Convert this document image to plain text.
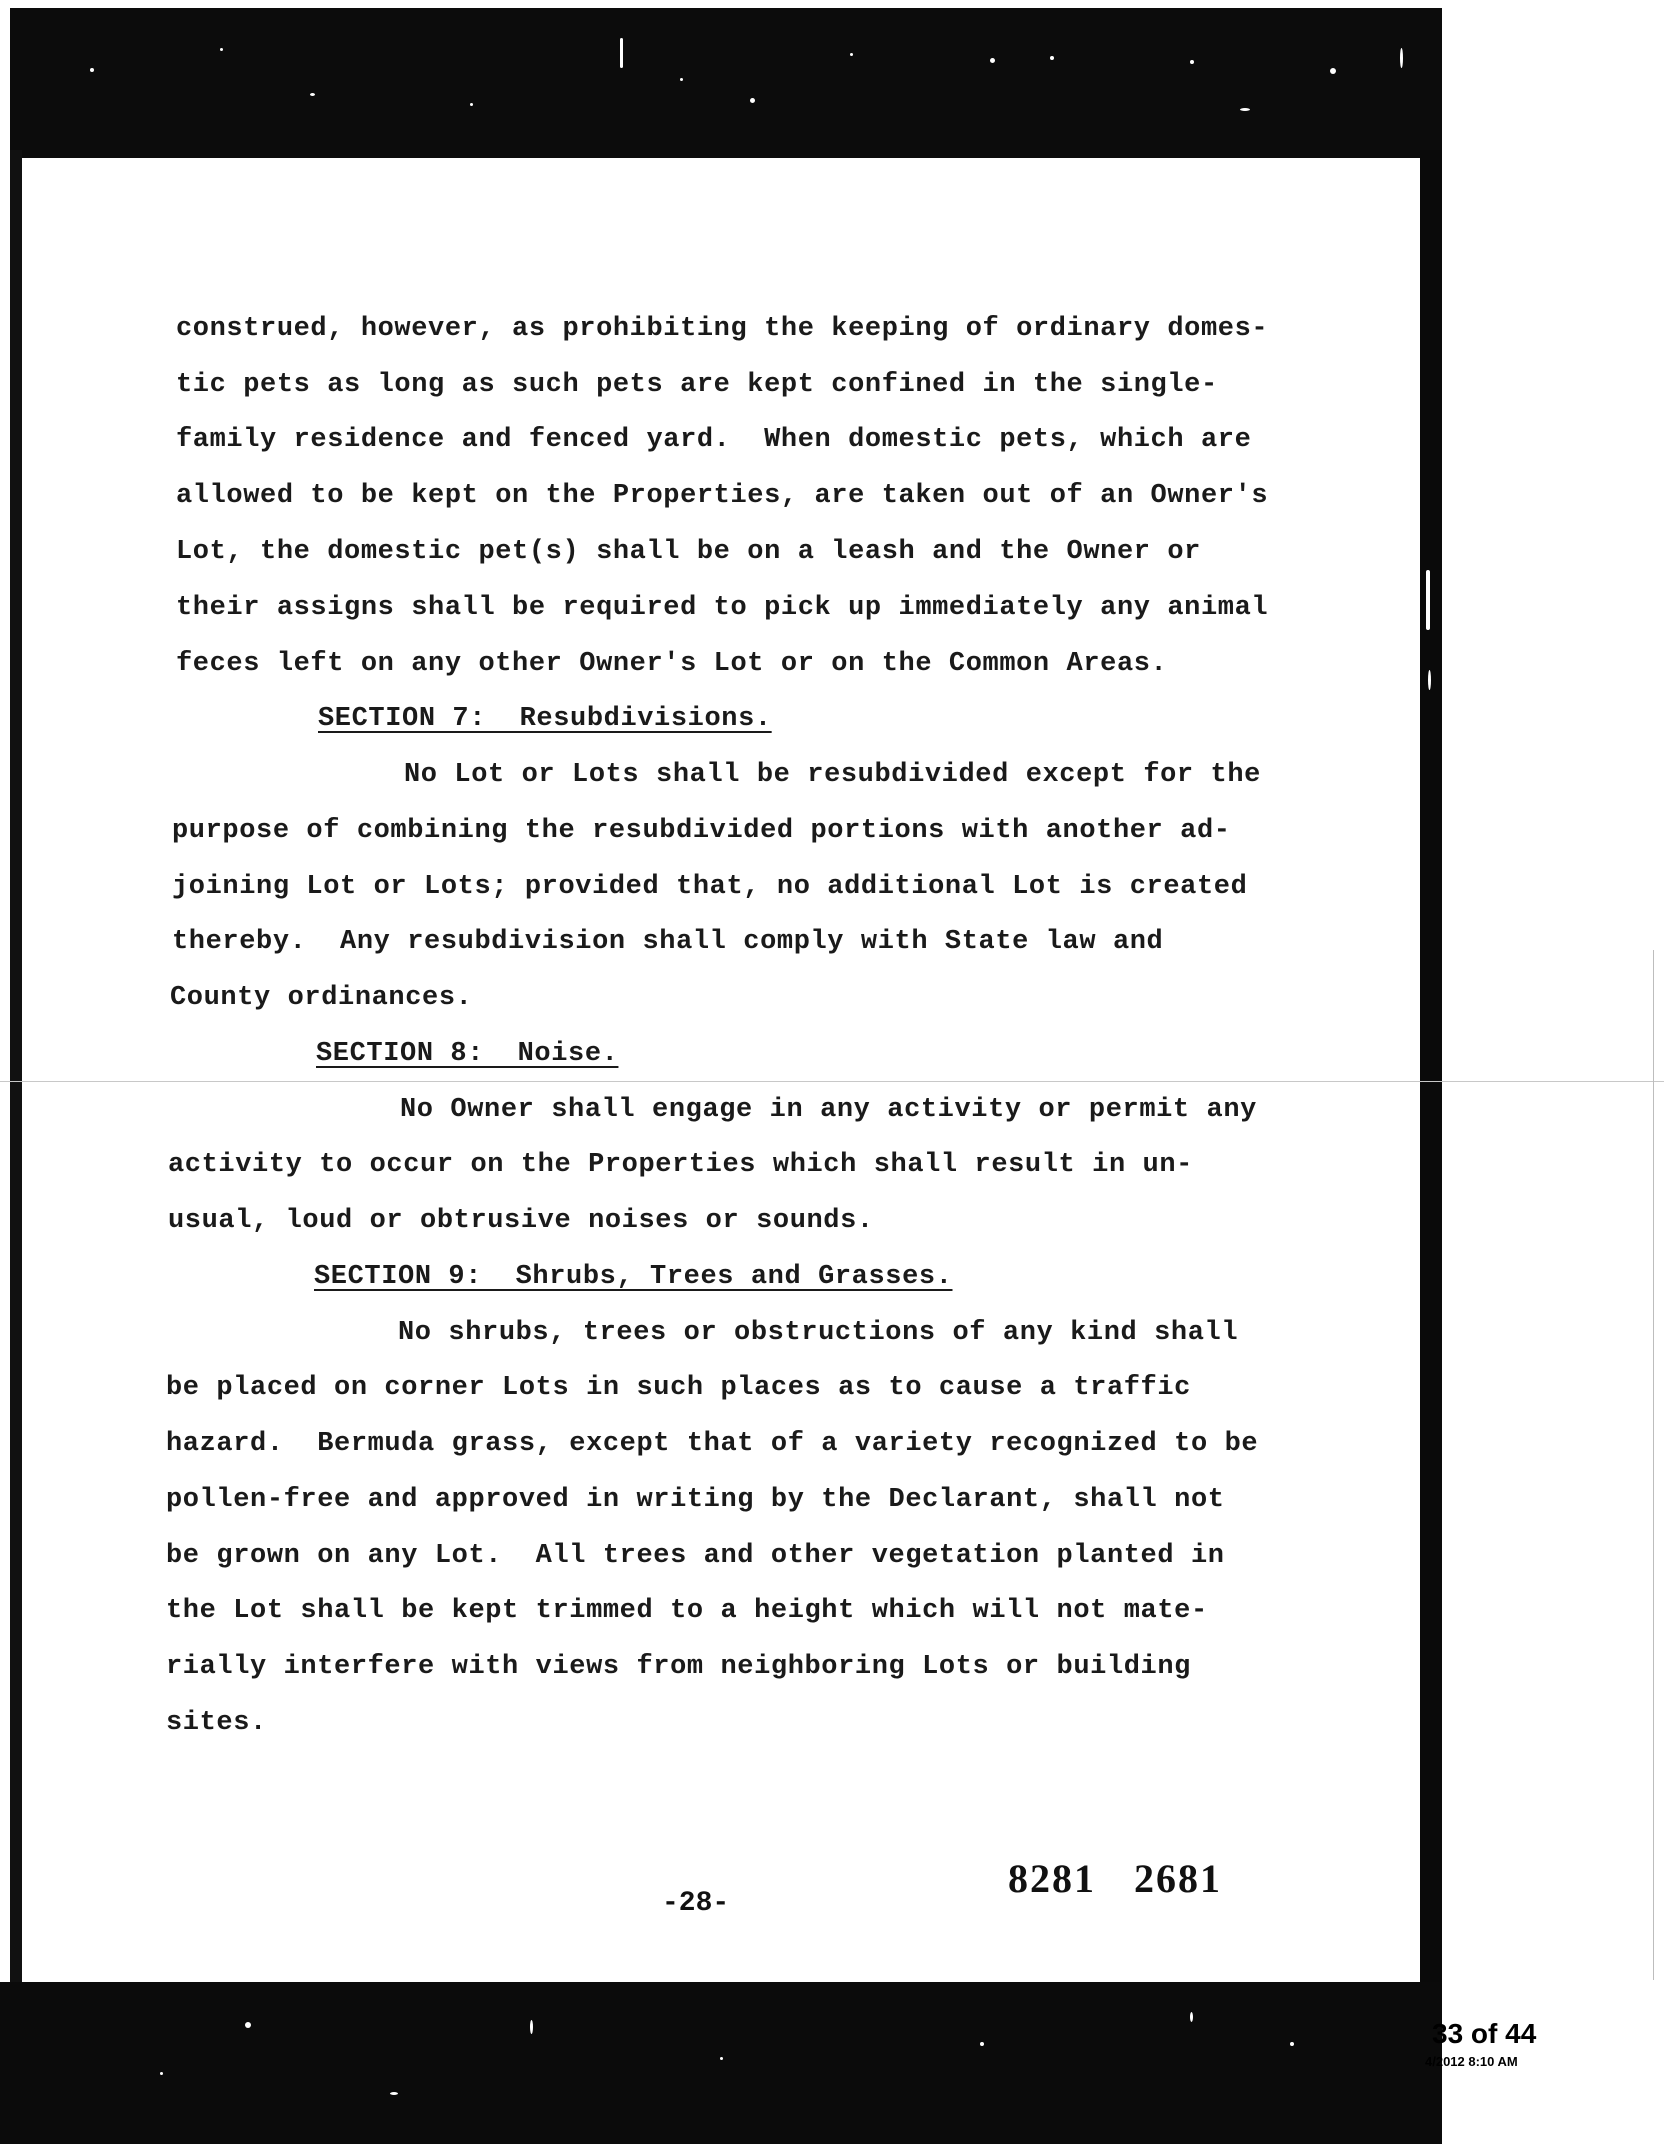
construed, however, as prohibiting the keeping of ordinary domes-
tic pets as long as such pets are kept confined in the single-
family residence and fenced yard.  When domestic pets, which are
allowed to be kept on the Properties, are taken out of an Owner's
Lot, the domestic pet(s) shall be on a leash and the Owner or
their assigns shall be required to pick up immediately any animal
feces left on any other Owner's Lot or on the Common Areas.
SECTION 7:  Resubdivisions.
No Lot or Lots shall be resubdivided except for the
purpose of combining the resubdivided portions with another ad-
joining Lot or Lots; provided that, no additional Lot is created
thereby.  Any resubdivision shall comply with State law and
County ordinances.
SECTION 8:  Noise.
No Owner shall engage in any activity or permit any
activity to occur on the Properties which shall result in un-
usual, loud or obtrusive noises or sounds.
SECTION 9:  Shrubs, Trees and Grasses.
No shrubs, trees or obstructions of any kind shall
be placed on corner Lots in such places as to cause a traffic
hazard.  Bermuda grass, except that of a variety recognized to be
pollen-free and approved in writing by the Declarant, shall not
be grown on any Lot.  All trees and other vegetation planted in
the Lot shall be kept trimmed to a height which will not mate-
rially interfere with views from neighboring Lots or building
sites.
-28-
8281 2681
33 of 44
4/2012 8:10 AM
